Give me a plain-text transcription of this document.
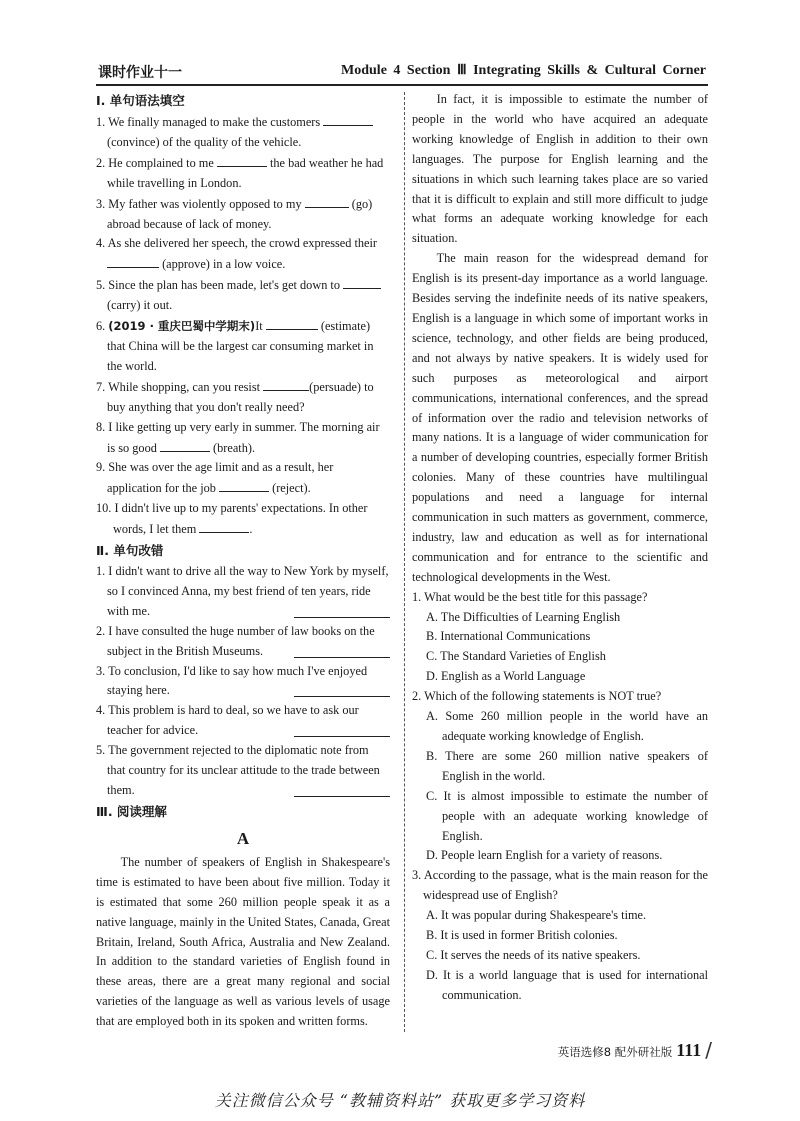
课时作业十一	Module 4 Section Ⅲ Integrating Skills & Cultural Corner
Ⅰ. 单句语法填空
1. We finally managed to make the customers  (convince) of the quality of the vehicle.
2. He complained to me	the bad weather he had while travelling in London.
3. My father was violently opposed to my	(go) abroad because of lack of money.
4. As she delivered her speech, the crowd expressed their  (approve) in a low voice.
5. Since the plan has been made, let's get down to  (carry) it out.
6. (2019 · 重庆巴蜀中学期末)It	(estimate) that China will be the largest car consuming market in the world.
7. While shopping, can you resist	(persuade) to buy anything that you don't really need?
8. I like getting up very early in summer. The morning air is so good	(breath).
9. She was over the age limit and as a result, her application for the job	(reject).
10. I didn't live up to my parents' expectations. In other words, I let them	.
Ⅱ. 单句改错
1. I didn't want to drive all the way to New York by myself, so I convinced Anna, my best friend of ten years, ride with me.
2. I have consulted the huge number of law books on the subject in the British Museums.
3. To conclusion, I'd like to say how much I've enjoyed staying here.
4. This problem is hard to deal, so we have to ask our teacher for advice.
5. The government rejected to the diplomatic note from that country for its unclear attitude to the trade between them.
Ⅲ. 阅读理解
A
The number of speakers of English in Shakespeare's time is estimated to have been about five million. Today it is estimated that some 260 million people speak it as a native language, mainly in the United States, Canada, Great Britain, Ireland, South Africa, Australia and New Zealand. In addition to the standard varieties of English found in these areas, there are a great many regional and social varieties of the language as well as various levels of usage that are employed both in its spoken and written forms.
In fact, it is impossible to estimate the number of people in the world who have acquired an adequate working knowledge of English in addition to their own languages. The purpose for English learning and the situations in which such learning takes place are so varied that it is difficult to explain and still more difficult to judge what forms an adequate working knowledge for each situation.
The main reason for the widespread demand for English is its present-day importance as a world language. Besides serving the indefinite needs of its native speakers, English is a language in which some of important works in science, technology, and other fields are being produced, and not always by native speakers. It is widely used for such purposes as meteorological and airport communications, international conferences, and the spread of information over the radio and television networks of many nations. It is a language of wider communication for a number of developing countries, especially former British colonies. Many of these countries have multilingual populations and need a language for internal communication in such matters as government, commerce, industry, law and education as well as for international communication and for entrance to the scientific and technological developments in the West.
1. What would be the best title for this passage?
A. The Difficulties of Learning English
B. International Communications
C. The Standard Varieties of English
D. English as a World Language
2. Which of the following statements is NOT true?
A. Some 260 million people in the world have an adequate working knowledge of English.
B. There are some 260 million native speakers of English in the world.
C. It is almost impossible to estimate the number of people with an adequate working knowledge of English.
D. People learn English for a variety of reasons.
3. According to the passage, what is the main reason for the widespread use of English?
A. It was popular during Shakespeare's time.
B. It is used in former British colonies.
C. It serves the needs of its native speakers.
D. It is a world language that is used for international communication.
英语选修8 配外研社版 111 /
关注微信公众号 “教辅资料站” 获取更多学习资料
